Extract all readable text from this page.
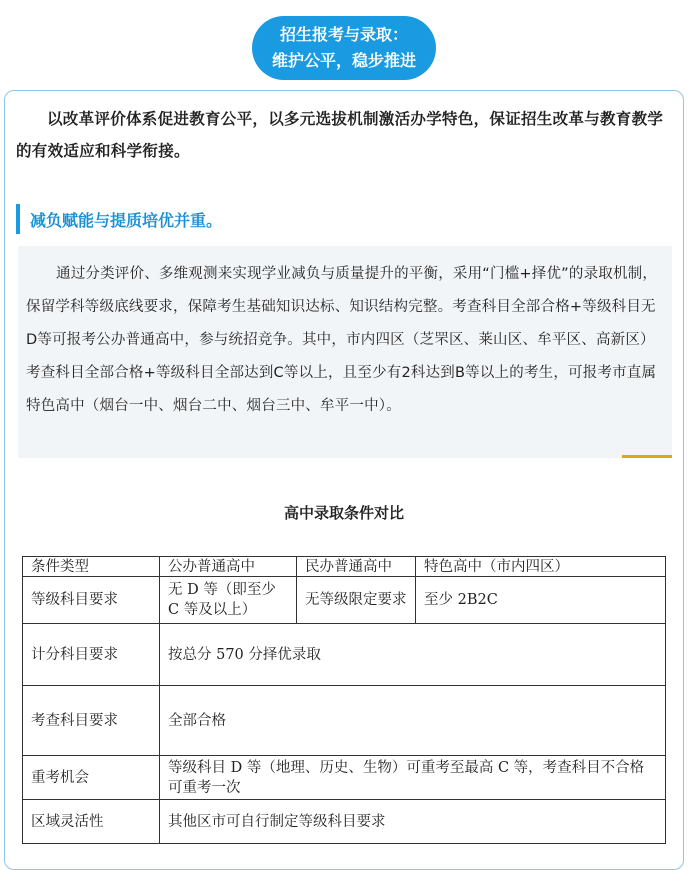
招生报考与录取：
维护公平，稳步推进
以改革评价体系促进教育公平，以多元选拔机制激活办学特色，保证招生改革与教育教学的有效适应和科学衔接。
减负赋能与提质培优并重。
通过分类评价、多维观测来实现学业减负与质量提升的平衡，采用“门槛+择优”的录取机制，保留学科等级底线要求，保障考生基础知识达标、知识结构完整。考查科目全部合格+等级科目无D等可报考公办普通高中，参与统招竞争。其中，市内四区（芝罘区、莱山区、牟平区、高新区）考查科目全部合格+等级科目全部达到C等以上，且至少有2科达到B等以上的考生，可报考市直属特色高中（烟台一中、烟台二中、烟台三中、牟平一中）。
高中录取条件对比
条件类型	公办普通高中	民办普通高中	特色高中（市内四区）
等级科目要求	无 D 等（即至少 C 等及以上）	无等级限定要求	至少 2B2C
计分科目要求	按总分 570 分择优录取		
考查科目要求	全部合格		
重考机会	等级科目 D 等（地理、历史、生物）可重考至最高 C 等，考查科目不合格可重考一次		
区域灵活性	其他区市可自行制定等级科目要求		
